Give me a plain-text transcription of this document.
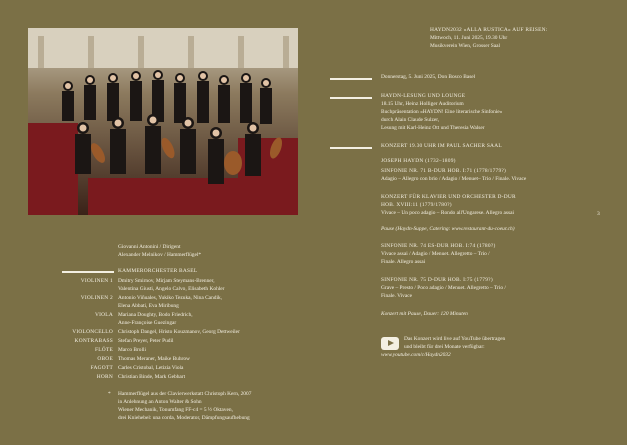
HAYDN2032 «ALLA RUSTICA» AUF REISEN:
Mittwoch, 11. Juni 2025, 19.30 Uhr
Musikverein Wien, Grosser Saal
Donnerstag, 5. Juni 2025, Don Bosco Basel
HAYDN-LESUNG UND LOUNGE
18.15 Uhr, Heinz Holliger Auditorium
Buchpräsentation «HAYDN! Eine literarische Sinfonie»
durch Alain Claude Sulzer,
Lesung mit Karl-Heinz Ott und Theresia Walser
KONZERT 19.30 UHR IM PAUL SACHER SAAL
JOSEPH HAYDN (1732–1809)
SINFONIE NR. 71 B-DUR HOB. I:71 (1778/1779?)
Adagio – Allegro con brio / Adagio / Menuet– Trio / Finale. Vivace
KONZERT FÜR KLAVIER UND ORCHESTER D-DUR
HOB. XVIII:11 (1779/1780?)
Vivace – Un poco adagio – Rondo all'Ungarese. Allegro assai
Pause (Haydn-Suppe, Catering: www.restaurant-du-coeur.ch)
SINFONIE NR. 74 ES-DUR HOB. I:74 (1780?)
Vivace assai / Adagio / Menuet. Allegretto – Trio /
Finale. Allegro assai
SINFONIE NR. 75 D-DUR HOB. I:75 (1779?)
Grave – Presto / Poco adagio / Menuet. Allegretto – Trio /
Finale. Vivace
Konzert mit Pause, Dauer: 120 Minuten
Das Konzert wird live auf YouTube übertragen
und bleibt für drei Monate verfügbar:
www.youtube.com/c/Haydn2032
3
Giovanni Antonini / Dirigent
Alexander Melnikov / Hammerflügel*
KAMMERORCHESTER BASEL
VIOLINEN 1 Dmitry Smirnov, Mirjam Steymans-Brenner,
Valentina Giusti, Angelo Calvo, Elisabeth Kohler
VIOLINEN 2 Antonio Viñuales, Yukiko Tezuka, Nina Candik,
Elena Abbati, Eva Miribung
VIOLA Mariana Doughty, Bodo Friedrich,
Anne-Françoise Guezingar
VIOLONCELLO Christoph Dangel, Hristo Kouzmanov, Georg Dettweiler
KONTRABASS Stefan Preyer, Peter Pudil
FLÖTE Marco Brolli
OBOE Thomas Meraner, Maike Buhrow
FAGOTT Carles Cristobal, Letizia Viola
HORN Christian Binde, Mark Gebhart
* Hammerflügel aus der Clavierwerkstatt Christoph Kern, 2007
in Anlehnung an Anton Walter & Sohn
Wiener Mechanik, Tonumfang FF-c4 = 5 ½ Oktaven,
drei Kniehebel: una corda, Moderator, Dämpfungsaufhebung
